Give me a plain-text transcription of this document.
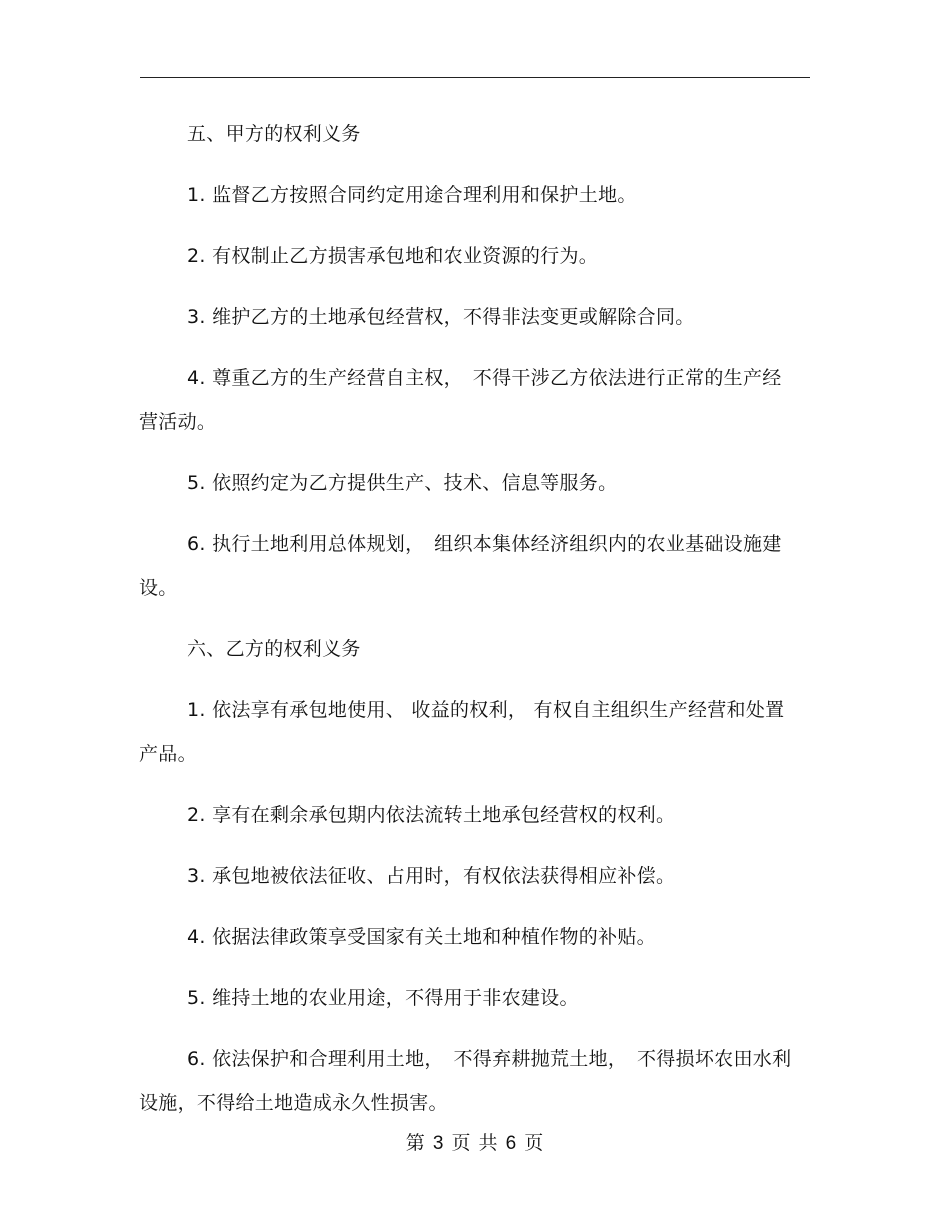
五、甲方的权利义务

1. 监督乙方按照合同约定用途合理利用和保护土地。

2. 有权制止乙方损害承包地和农业资源的行为。

3. 维护乙方的土地承包经营权，不得非法变更或解除合同。

4. 尊重乙方的生产经营自主权，　不得干涉乙方依法进行正常的生产经营活动。

5. 依照约定为乙方提供生产、技术、信息等服务。

6. 执行土地利用总体规划，　组织本集体经济组织内的农业基础设施建设。

六、乙方的权利义务

1. 依法享有承包地使用、 收益的权利， 有权自主组织生产经营和处置产品。

2. 享有在剩余承包期内依法流转土地承包经营权的权利。

3. 承包地被依法征收、占用时，有权依法获得相应补偿。

4. 依据法律政策享受国家有关土地和种植作物的补贴。

5. 维持土地的农业用途，不得用于非农建设。

6. 依法保护和合理利用土地，　不得弃耕抛荒土地，　不得损坏农田水利设施，不得给土地造成永久性损害。

第 3 页 共 6 页
